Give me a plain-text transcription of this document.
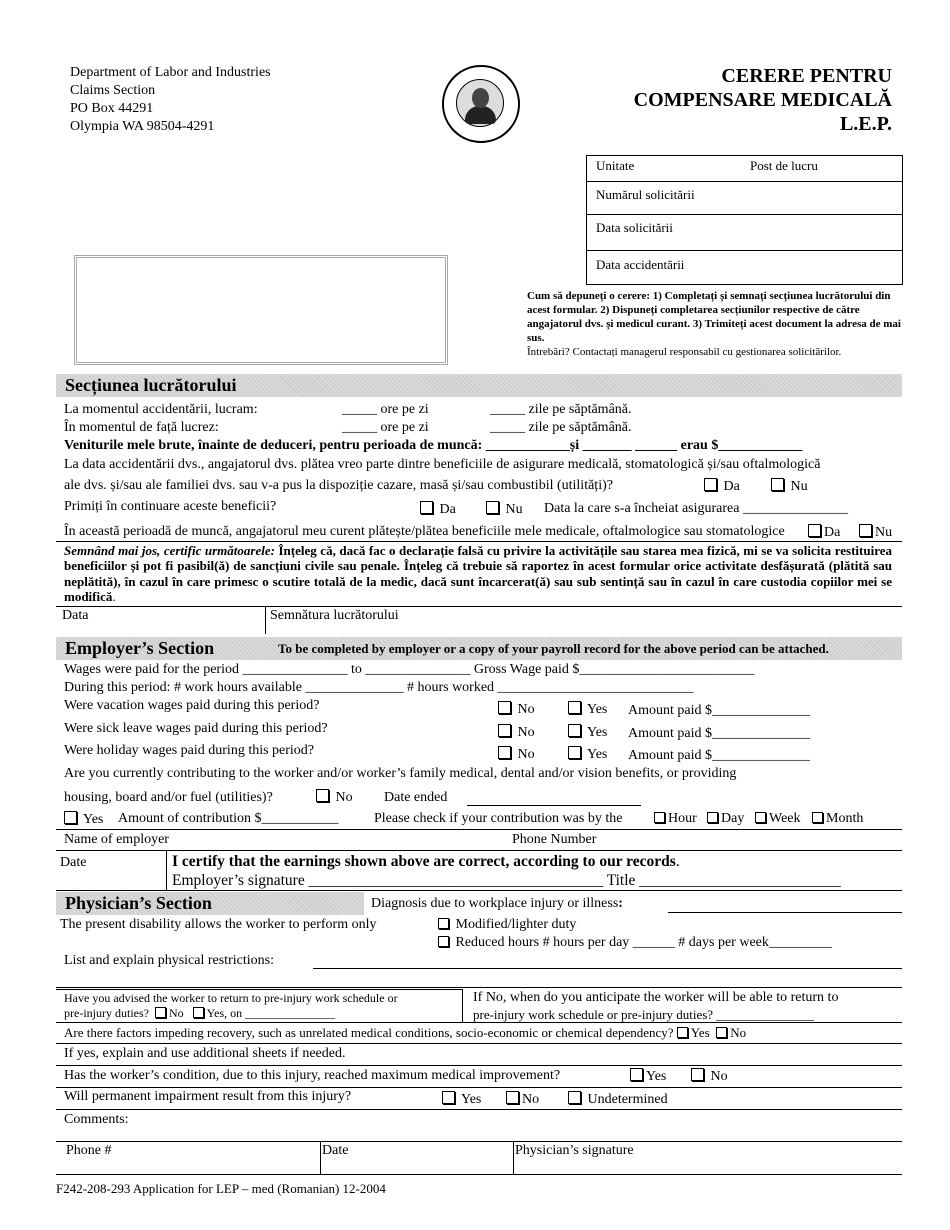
Department of Labor and Industries
Claims Section
PO Box 44291
Olympia WA 98504-4291
CERERE PENTRU
COMPENSARE MEDICALĂ
L.E.P.
Unitate	Post de lucru
Numărul solicitării
Data solicitării
Data accidentării
Cum să depuneți o cerere: 1) Completați și semnați secțiunea lucrătorului din acest formular. 2) Dispuneți completarea secțiunilor respective de către angajatorul dvs. și medicul curant. 3) Trimiteți acest document la adresa de mai sus.
Întrebări? Contactați managerul responsabil cu gestionarea solicitărilor.
Secțiunea lucrătorului
La momentul accidentării, lucram:	_____ ore pe zi	_____ zile pe săptămână.
În momentul de față lucrez:	_____ ore pe zi	_____ zile pe săptămână.
Veniturile mele brute, înainte de deduceri, pentru perioada de muncă: ____________și _______ ______ erau $____________
La data accidentării dvs., angajatorul dvs. plătea vreo parte dintre beneficiile de asigurare medicală, stomatologică și/sau oftalmologică
ale dvs. și/sau ale familiei dvs. sau v-a pus la dispoziție cazare, masă și/sau combustibil (utilități)?	Da	Nu
Primiți în continuare aceste beneficii?	Da	Nu Data la care s-a încheiat asigurarea _______________
În această perioadă de muncă, angajatorul meu curent plătește/plătea beneficiile mele medicale, oftalmologice sau stomatologice	Da	Nu
Semnând mai jos, certific următoarele: Înțeleg că, dacă fac o declarație falsă cu privire la activitățile sau starea mea fizică, mi se va solicita restituirea beneficiilor și pot fi pasibil(ă) de sancțiuni civile sau penale. Înțeleg că trebuie să raportez în acest formular orice activitate desfășurată (plătită sau neplătită), în cazul în care primesc o scutire totală de la medic, dacă sunt încarcerat(ă) sau sub sentință sau în cazul în care custodia copiilor mei se modifică.
Data	Semnătura lucrătorului
Employer’s Section	To be completed by employer or a copy of your payroll record for the above period can be attached.
Wages were paid for the period _______________ to _______________ Gross Wage paid $_________________________
During this period: # work hours available ______________ # hours worked ____________________________
Were vacation wages paid during this period?	No	Yes Amount paid $______________
Were sick leave wages paid during this period?	No	Yes Amount paid $______________
Were holiday wages paid during this period?	No	Yes Amount paid $______________
Are you currently contributing to the worker and/or worker’s family medical, dental and/or vision benefits, or providing
housing, board and/or fuel (utilities)?	No Date ended
Yes Amount of contribution $___________	Please check if your contribution was by the	Hour	Day	Week	Month
Name of employer	Phone Number
Date	I certify that the earnings shown above are correct, according to our records.
Employer’s signature ______________________________________ Title __________________________
Physician’s Section	Diagnosis due to workplace injury or illness:
The present disability allows the worker to perform only	Modified/lighter duty
Reduced hours # hours per day ______ # days per week_________
List and explain physical restrictions:
Have you advised the worker to return to pre-injury work schedule or
pre-injury duties? No Yes, on _______________
If No, when do you anticipate the worker will be able to return to
pre-injury work schedule or pre-injury duties? _______________
Are there factors impeding recovery, such as unrelated medical conditions, socio-economic or chemical dependency? Yes No
If yes, explain and use additional sheets if needed.
Has the worker’s condition, due to this injury, reached maximum medical improvement?	Yes	No
Will permanent impairment result from this injury?	Yes	No	Undetermined
Comments:
Phone #	Date	Physician’s signature
F242-208-293 Application for LEP – med (Romanian) 12-2004
